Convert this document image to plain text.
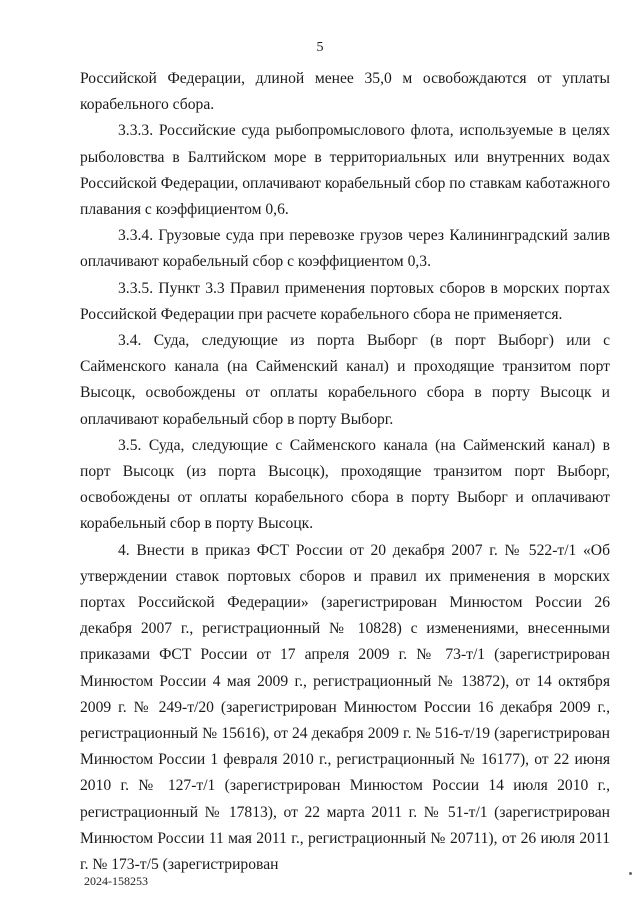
5

Российской Федерации, длиной менее 35,0 м освобождаются от уплаты корабельного сбора.

3.3.3. Российские суда рыбопромыслового флота, используемые в целях рыболовства в Балтийском море в территориальных или внутренних водах Российской Федерации, оплачивают корабельный сбор по ставкам каботажного плавания с коэффициентом 0,6.

3.3.4. Грузовые суда при перевозке грузов через Калининградский залив оплачивают корабельный сбор с коэффициентом 0,3.

3.3.5. Пункт 3.3 Правил применения портовых сборов в морских портах Российской Федерации при расчете корабельного сбора не применяется.

3.4. Суда, следующие из порта Выборг (в порт Выборг) или с Сайменского канала (на Сайменский канал) и проходящие транзитом порт Высоцк, освобождены от оплаты корабельного сбора в порту Высоцк и оплачивают корабельный сбор в порту Выборг.

3.5. Суда, следующие с Сайменского канала (на Сайменский канал) в порт Высоцк (из порта Высоцк), проходящие транзитом порт Выборг, освобождены от оплаты корабельного сбора в порту Выборг и оплачивают корабельный сбор в порту Высоцк.

4. Внести в приказ ФСТ России от 20 декабря 2007 г. № 522-т/1 «Об утверждении ставок портовых сборов и правил их применения в морских портах Российской Федерации» (зарегистрирован Минюстом России 26 декабря 2007 г., регистрационный № 10828) с изменениями, внесенными приказами ФСТ России от 17 апреля 2009 г. № 73-т/1 (зарегистрирован Минюстом России 4 мая 2009 г., регистрационный № 13872), от 14 октября 2009 г. № 249-т/20 (зарегистрирован Минюстом России 16 декабря 2009 г., регистрационный № 15616), от 24 декабря 2009 г. № 516-т/19 (зарегистрирован Минюстом России 1 февраля 2010 г., регистрационный № 16177), от 22 июня 2010 г. № 127-т/1 (зарегистрирован Минюстом России 14 июля 2010 г., регистрационный № 17813), от 22 марта 2011 г. № 51-т/1 (зарегистрирован Минюстом России 11 мая 2011 г., регистрационный № 20711), от 26 июля 2011 г. № 173-т/5 (зарегистрирован

2024-158253
